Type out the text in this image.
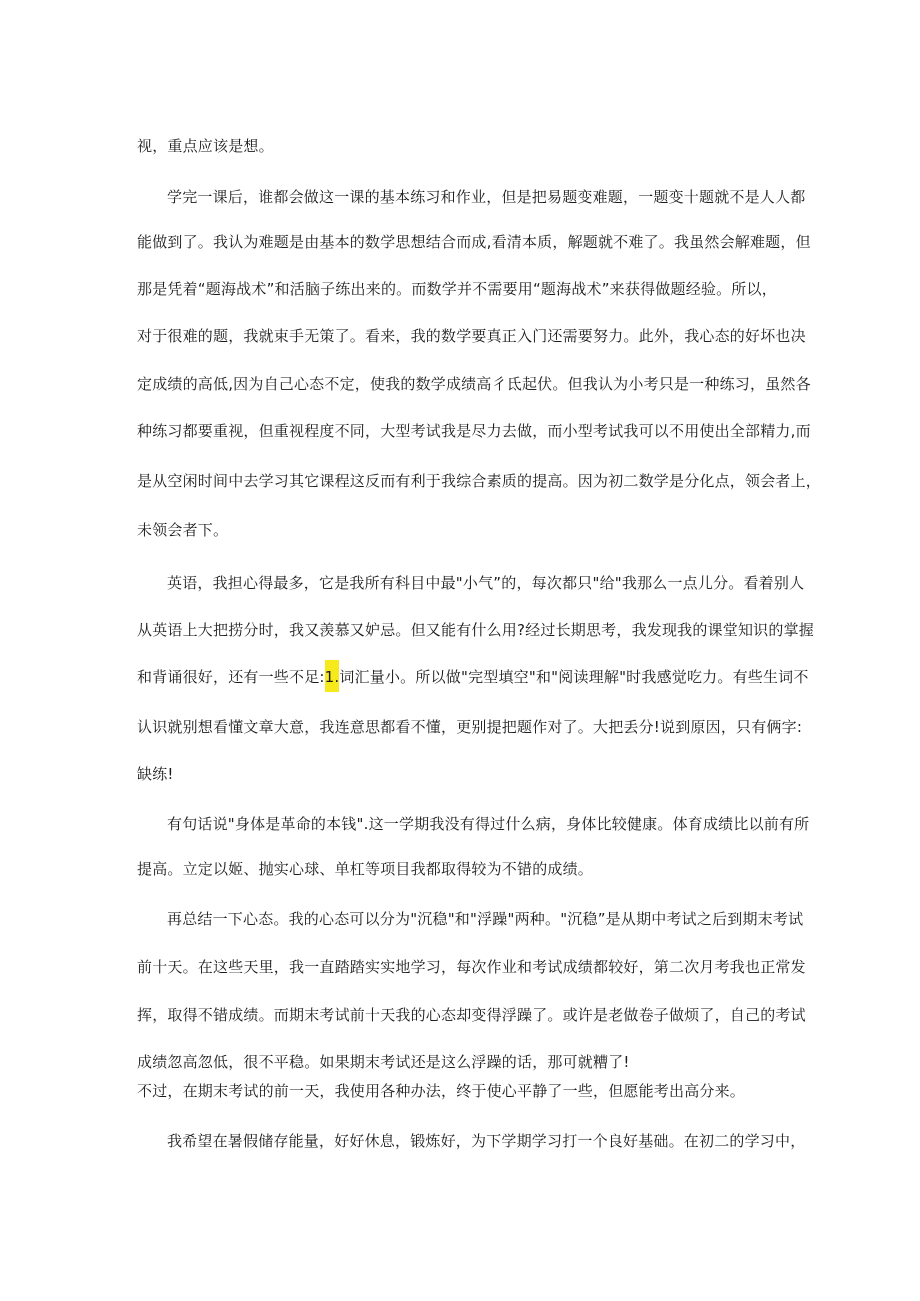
视，重点应该是想。

学完一课后，谁都会做这一课的基本练习和作业，但是把易题变难题，一题变十题就不是人人都

能做到了。我认为难题是由基本的数学思想结合而成,看清本质，解题就不难了。我虽然会解难题，但

那是凭着“题海战术”和活脑子练出来的。而数学并不需要用“题海战术”来获得做题经验。所以，

对于很难的题，我就束手无策了。看来，我的数学要真正入门还需要努力。此外，我心态的好坏也决

定成绩的高低,因为自己心态不定，使我的数学成绩高彳氐起伏。但我认为小考只是一种练习，虽然各

种练习都要重视，但重视程度不同，大型考试我是尽力去做，而小型考试我可以不用使出全部精力,而

是从空闲时间中去学习其它课程这反而有利于我综合素质的提高。因为初二数学是分化点，领会者上，

未领会者下。

英语，我担心得最多，它是我所有科目中最"小气”的，每次都只"给"我那么一点儿分。看着别人

从英语上大把捞分时，我又羡慕又妒忌。但又能有什么用?经过长期思考，我发现我的课堂知识的掌握

和背诵很好，还有一些不足:1.词汇量小。所以做"完型填空"和"阅读理解"时我感觉吃力。有些生词不

认识就别想看懂文章大意，我连意思都看不懂，更别提把题作对了。大把丢分!说到原因，只有俩字:

缺练!

有句话说"身体是革命的本钱".这一学期我没有得过什么病，身体比较健康。体育成绩比以前有所

提高。立定以姬、抛实心球、单杠等项目我都取得较为不错的成绩。

再总结一下心态。我的心态可以分为"沉稳"和"浮躁"两种。"沉稳”是从期中考试之后到期末考试

前十天。在这些天里，我一直踏踏实实地学习，每次作业和考试成绩都较好，第二次月考我也正常发

挥，取得不错成绩。而期末考试前十天我的心态却变得浮躁了。或许是老做卷子做烦了，自己的考试

成绩忽高忽低，很不平稳。如果期末考试还是这么浮躁的话，那可就糟了!

不过，在期末考试的前一天，我使用各种办法，终于使心平静了一些，但愿能考出高分来。

我希望在暑假储存能量，好好休息，锻炼好，为下学期学习打一个良好基础。在初二的学习中，
